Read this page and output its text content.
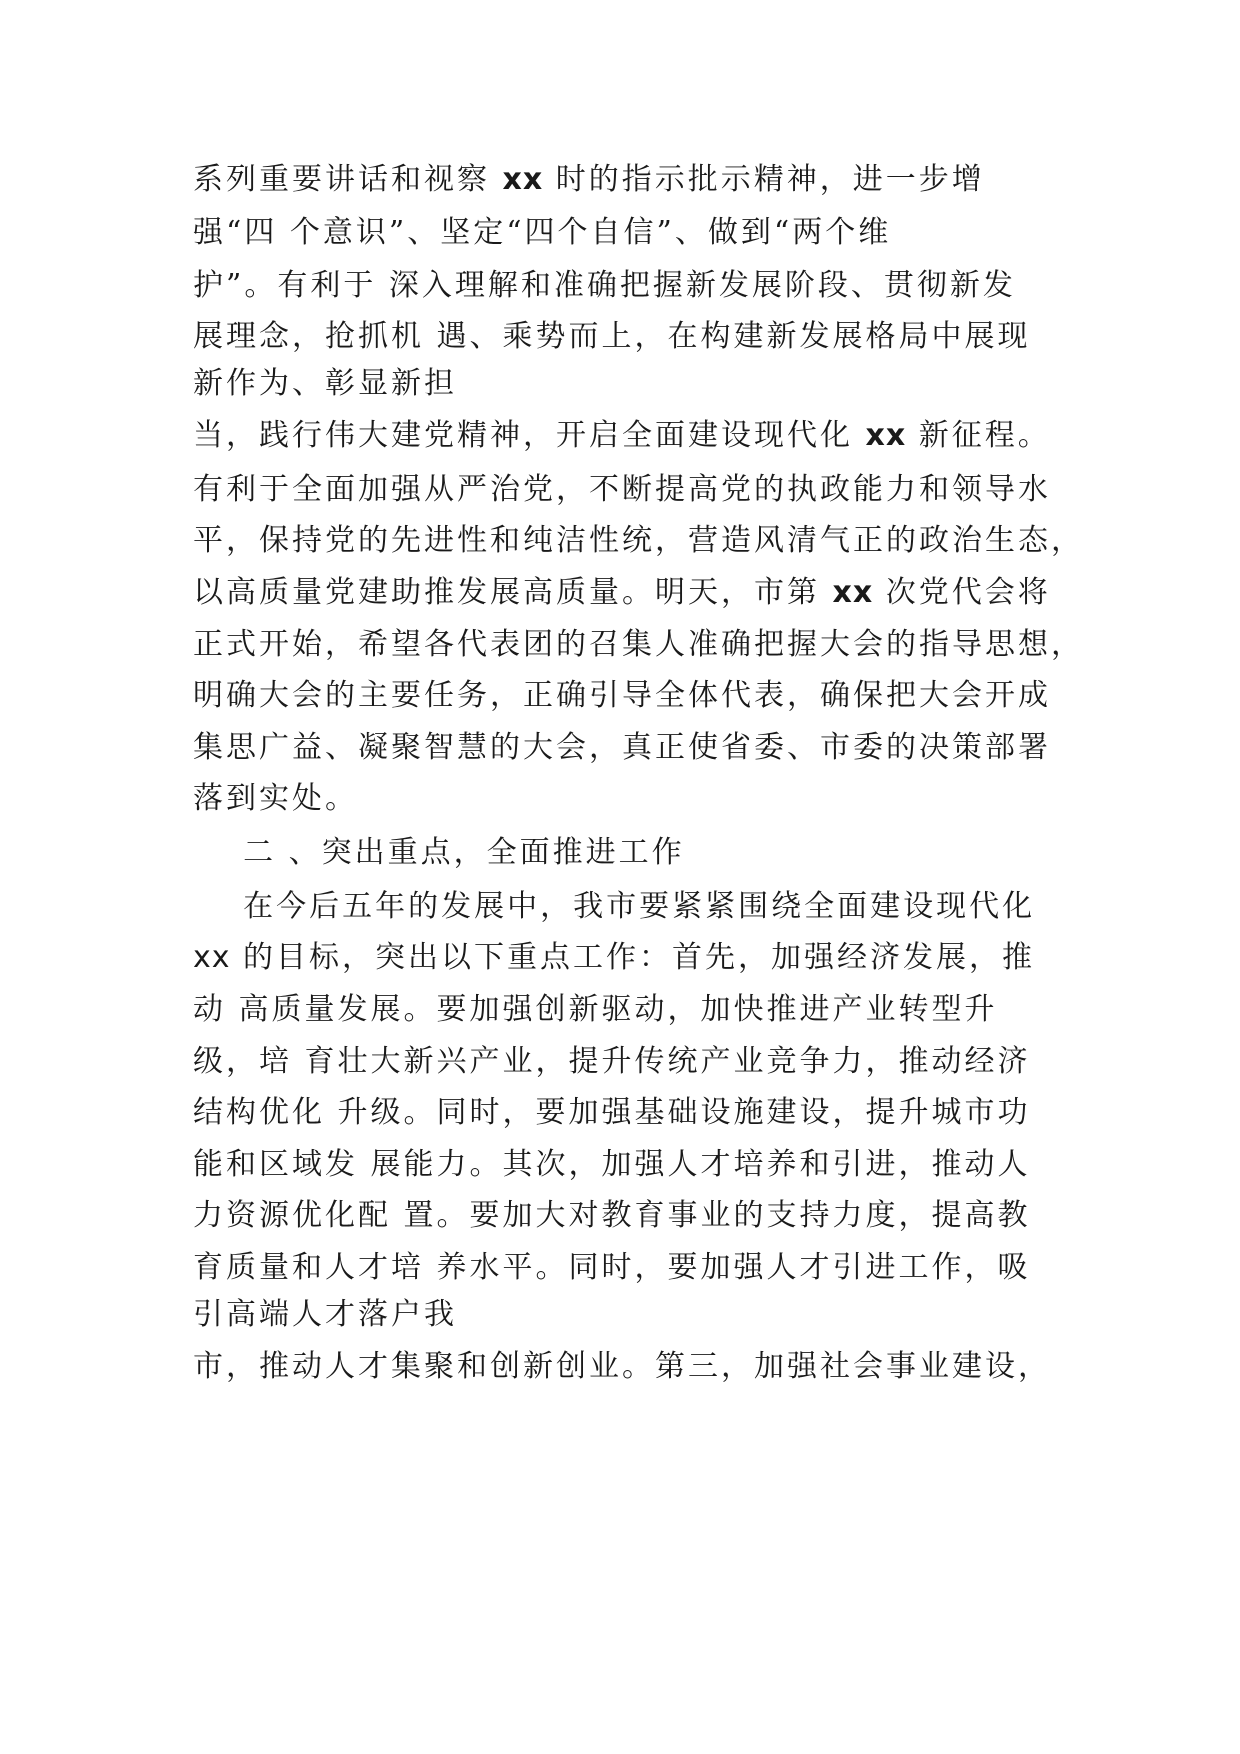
系列重要讲话和视察 xx 时的指示批示精神，进一步增
强“四 个意识”、坚定“四个自信”、做到“两个维
护”。有利于 深入理解和准确把握新发展阶段、贯彻新发
展理念，抢抓机 遇、乘势而上，在构建新发展格局中展现
新作为、彰显新担
当，践行伟大建党精神，开启全面建设现代化 xx 新征程。
有利于全面加强从严治党，不断提高党的执政能力和领导水
平，保持党的先进性和纯洁性统，营造风清气正的政治生态，
以高质量党建助推发展高质量。明天，市第 xx 次党代会将
正式开始，希望各代表团的召集人准确把握大会的指导思想，
明确大会的主要任务，正确引导全体代表，确保把大会开成
集思广益、凝聚智慧的大会，真正使省委、市委的决策部署
落到实处。
二 、突出重点，全面推进工作
在今后五年的发展中，我市要紧紧围绕全面建设现代化
xx 的目标，突出以下重点工作：首先，加强经济发展，推
动 高质量发展。要加强创新驱动，加快推进产业转型升
级，培 育壮大新兴产业，提升传统产业竞争力，推动经济
结构优化 升级。同时，要加强基础设施建设，提升城市功
能和区域发 展能力。其次，加强人才培养和引进，推动人
力资源优化配 置。要加大对教育事业的支持力度，提高教
育质量和人才培 养水平。同时，要加强人才引进工作，吸
引高端人才落户我
市，推动人才集聚和创新创业。第三，加强社会事业建设，
